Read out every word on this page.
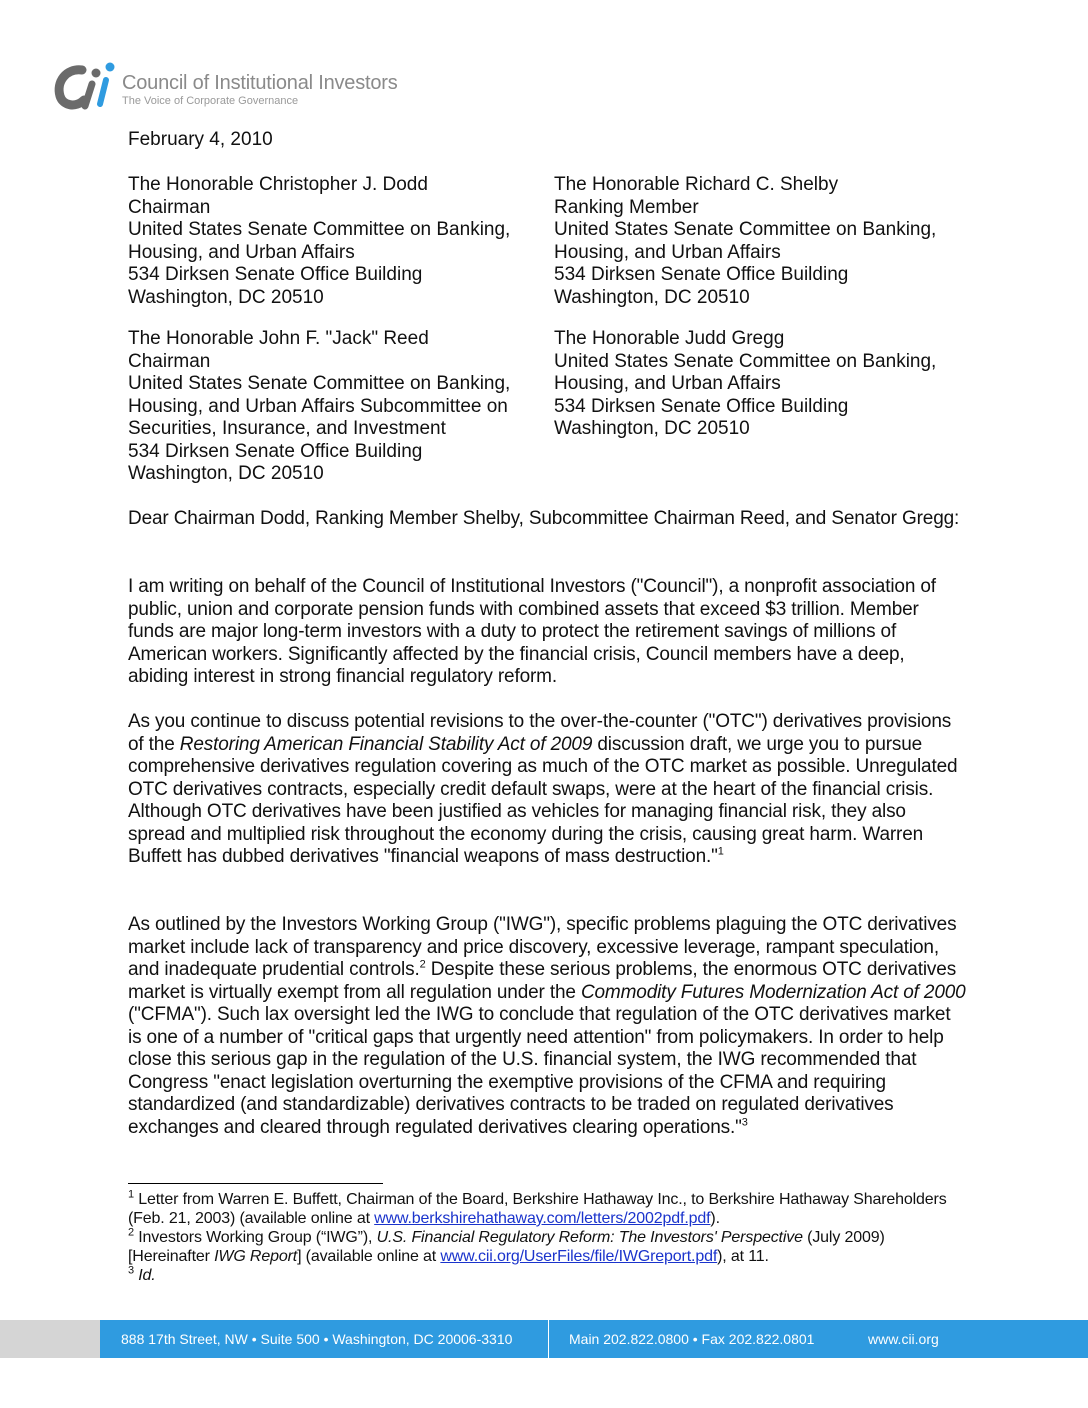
Council of Institutional Investors
The Voice of Corporate Governance
February 4, 2010
The Honorable Christopher J. Dodd
Chairman
United States Senate Committee on Banking,
Housing, and Urban Affairs
534 Dirksen Senate Office Building
Washington, DC 20510
The Honorable Richard C. Shelby
Ranking Member
United States Senate Committee on Banking,
Housing, and Urban Affairs
534 Dirksen Senate Office Building
Washington, DC 20510
The Honorable John F. "Jack" Reed
Chairman
United States Senate Committee on Banking,
Housing, and Urban Affairs Subcommittee on
Securities, Insurance, and Investment
534 Dirksen Senate Office Building
Washington, DC 20510
The Honorable Judd Gregg
United States Senate Committee on Banking,
Housing, and Urban Affairs
534 Dirksen Senate Office Building
Washington, DC 20510

Dear Chairman Dodd, Ranking Member Shelby, Subcommittee Chairman Reed, and Senator Gregg:

I am writing on behalf of the Council of Institutional Investors ("Council"), a nonprofit association of public, union and corporate pension funds with combined assets that exceed $3 trillion. Member funds are major long-term investors with a duty to protect the retirement savings of millions of American workers. Significantly affected by the financial crisis, Council members have a deep, abiding interest in strong financial regulatory reform.

As you continue to discuss potential revisions to the over-the-counter ("OTC") derivatives provisions of the Restoring American Financial Stability Act of 2009 discussion draft, we urge you to pursue comprehensive derivatives regulation covering as much of the OTC market as possible. Unregulated OTC derivatives contracts, especially credit default swaps, were at the heart of the financial crisis. Although OTC derivatives have been justified as vehicles for managing financial risk, they also spread and multiplied risk throughout the economy during the crisis, causing great harm. Warren Buffett has dubbed derivatives "financial weapons of mass destruction."$^1$

As outlined by the Investors Working Group ("IWG"), specific problems plaguing the OTC derivatives market include lack of transparency and price discovery, excessive leverage, rampant speculation, and inadequate prudential controls.$^2$ Despite these serious problems, the enormous OTC derivatives market is virtually exempt from all regulation under the Commodity Futures Modernization Act of 2000 ("CFMA"). Such lax oversight led the IWG to conclude that regulation of the OTC derivatives market is one of a number of "critical gaps that urgently need attention" from policymakers. In order to help close this serious gap in the regulation of the U.S. financial system, the IWG recommended that Congress "enact legislation overturning the exemptive provisions of the CFMA and requiring standardized (and standardizable) derivatives contracts to be traded on regulated derivatives exchanges and cleared through regulated derivatives clearing operations."$^3$

$^1$ Letter from Warren E. Buffett, Chairman of the Board, Berkshire Hathaway Inc., to Berkshire Hathaway Shareholders (Feb. 21, 2003) (available online at www.berkshirehathaway.com/letters/2002pdf.pdf).

$^2$ Investors Working Group (“IWG”), U.S. Financial Regulatory Reform: The Investors' Perspective (July 2009) [Hereinafter IWG Report] (available online at www.cii.org/UserFiles/file/IWGreport.pdf), at 11.

$^3$ Id.

888 17th Street, NW • Suite 500 • Washington, DC 20006-3310	Main 202.822.0800 • Fax 202.822.0801	www.cii.org
